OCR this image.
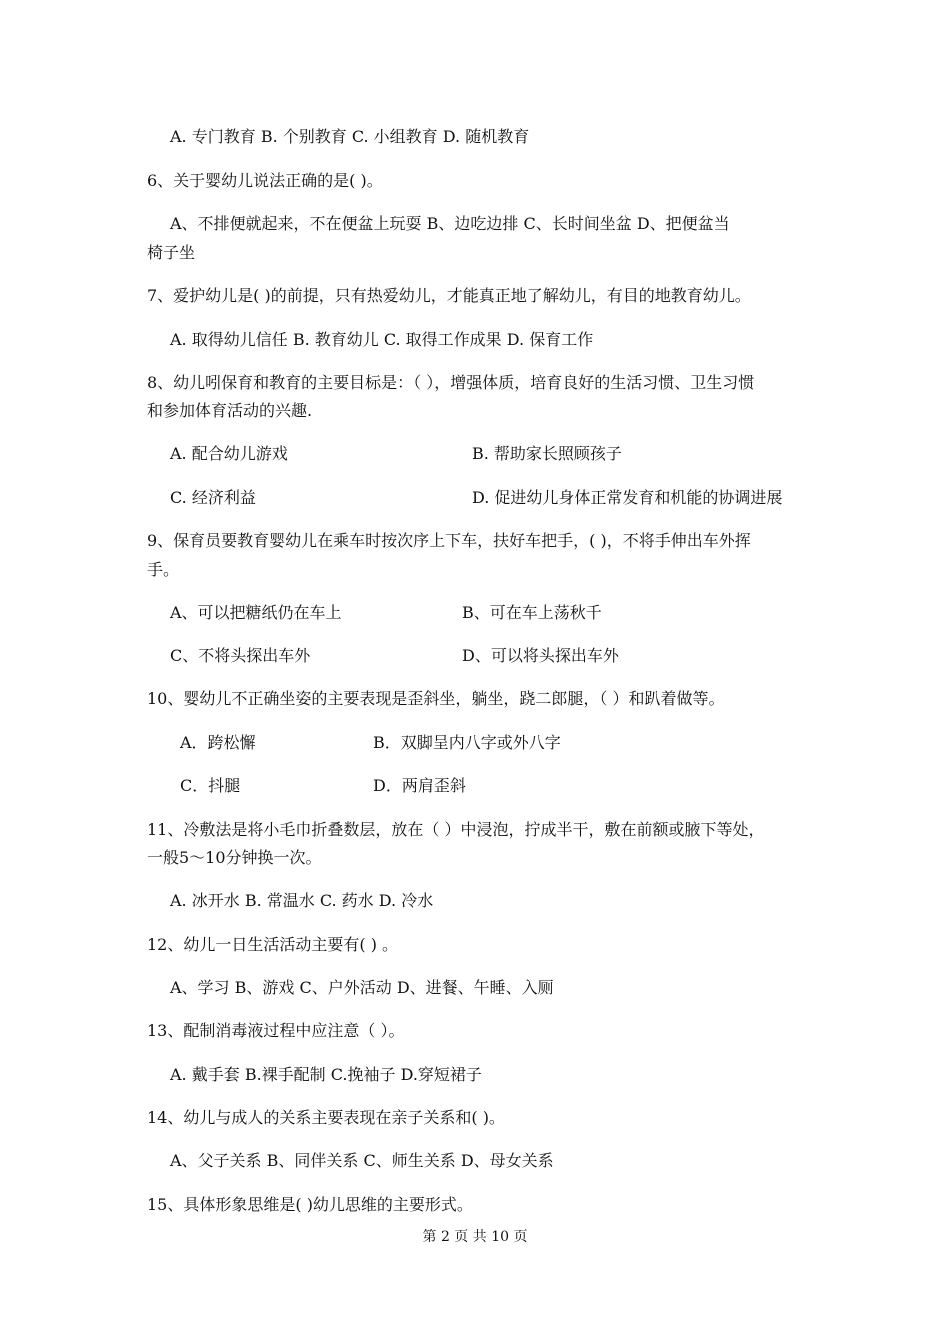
A. 专门教育 B. 个别教育 C. 小组教育 D. 随机教育
6、关于婴幼儿说法正确的是( )。
A、不排便就起来，不在便盆上玩耍 B、边吃边排 C、长时间坐盆 D、把便盆当
椅子坐
7、爱护幼儿是( )的前提，只有热爱幼儿，才能真正地了解幼儿，有目的地教育幼儿。
A. 取得幼儿信任 B. 教育幼儿 C. 取得工作成果 D. 保育工作
8、幼儿吲保育和教育的主要目标是：（ ），增强体质，培育良好的生活习惯、卫生习惯
和参加体育活动的兴趣.
A. 配合幼儿游戏	B. 帮助家长照顾孩子
C. 经济利益	D. 促进幼儿身体正常发育和机能的协调进展
9、保育员要教育婴幼儿在乘车时按次序上下车，扶好车把手，( )，不将手伸出车外挥
手。
A、可以把糖纸仍在车上	B、可在车上荡秋千
C、不将头探出车外	D、可以将头探出车外
10、婴幼儿不正确坐姿的主要表现是歪斜坐，躺坐，跷二郎腿，（ ）和趴着做等。
A．跨松懈	B．双脚呈内八字或外八字
C．抖腿	D．两肩歪斜
11、冷敷法是将小毛巾折叠数层，放在（ ）中浸泡，拧成半干，敷在前额或腋下等处，
一般5～10分钟换一次。
A. 冰开水 B. 常温水 C. 药水 D. 冷水
12、幼儿一日生活活动主要有( ) 。
A、学习 B、游戏 C、户外活动 D、进餐、午睡、入厕
13、配制消毒液过程中应注意（ ）。
A. 戴手套 B.裸手配制 C.挽袖子 D.穿短裙子
14、幼儿与成人的关系主要表现在亲子关系和( )。
A、父子关系 B、同伴关系 C、师生关系 D、母女关系
15、具体形象思维是( )幼儿思维的主要形式。
第 2 页 共 10 页
